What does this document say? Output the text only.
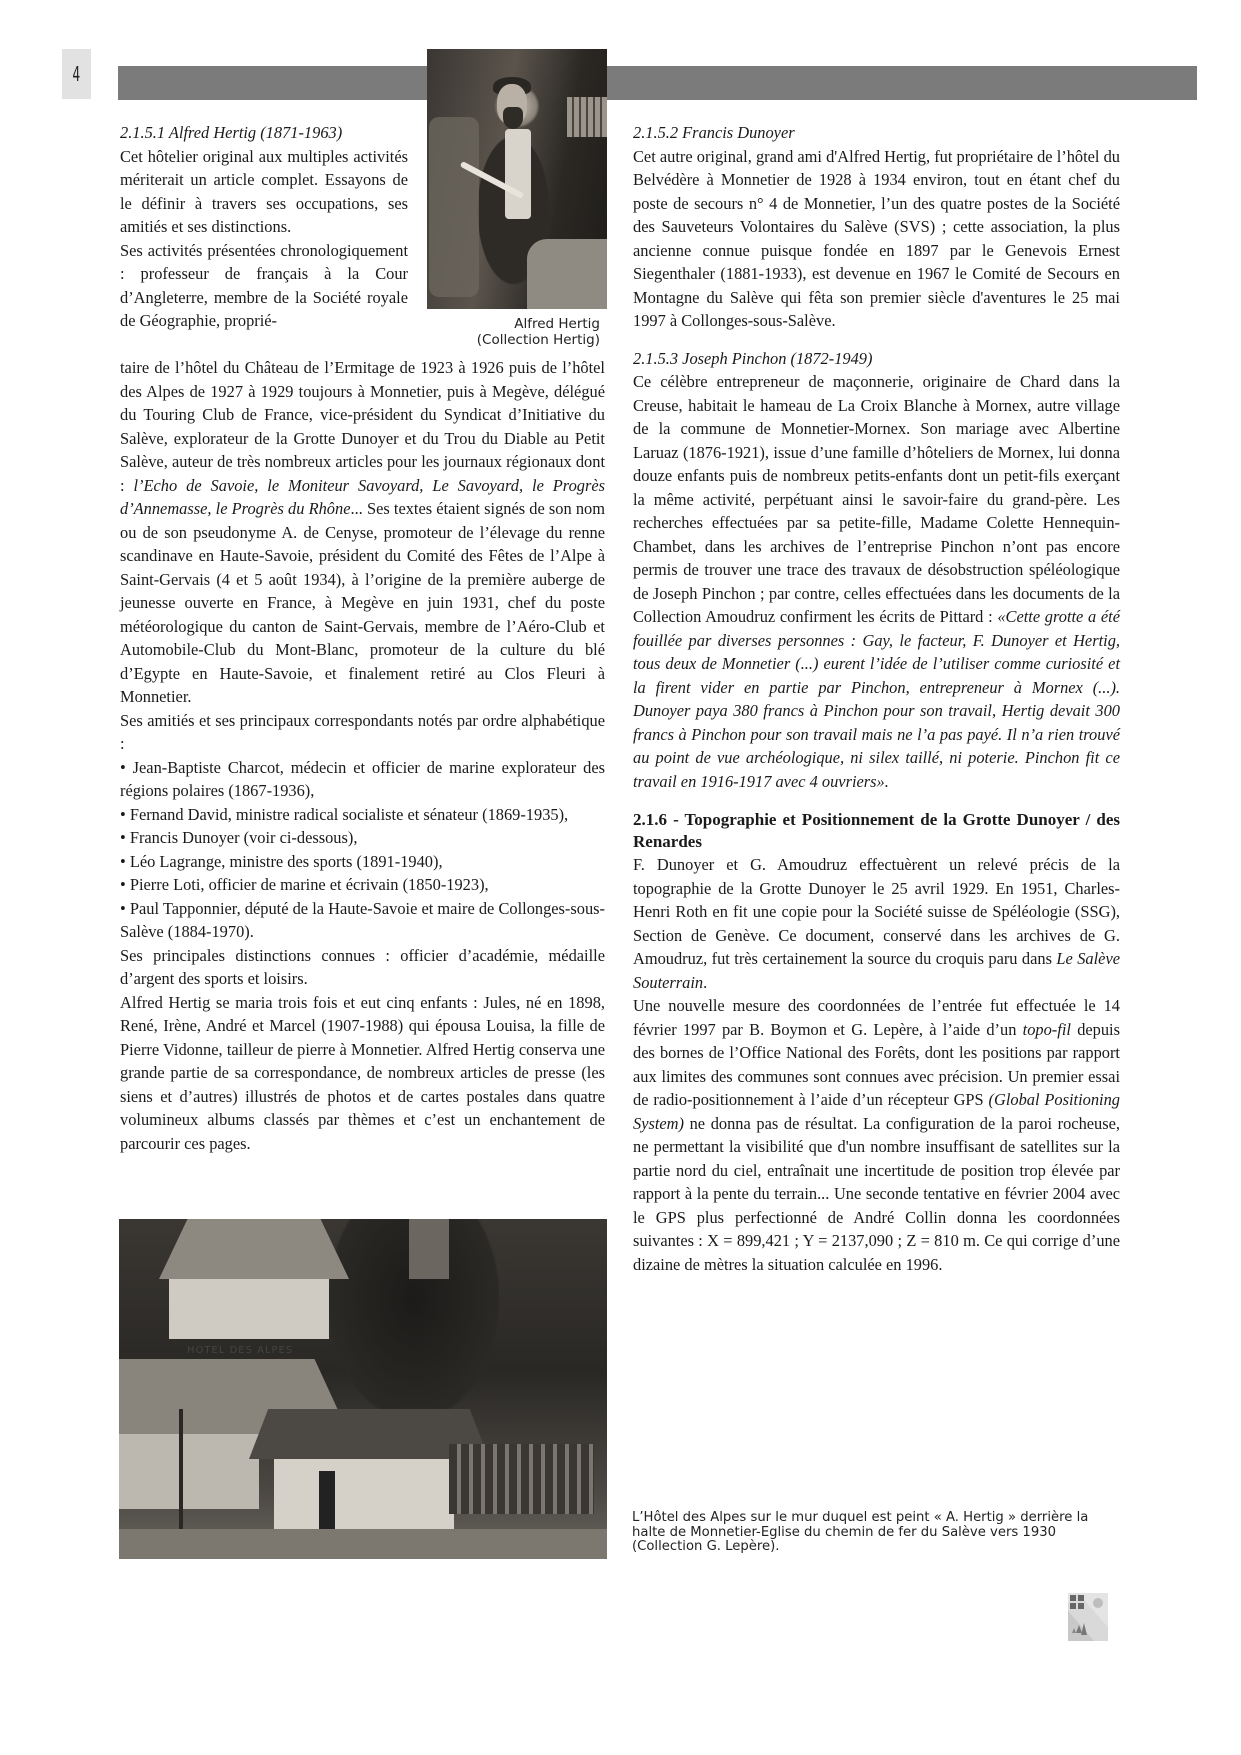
4
Alfred Hertig
(Collection Hertig)

2.1.5.1 Alfred Hertig (1871-1963)

Cet hôtelier original aux multiples activités mériterait un article complet. Essayons de le définir à travers ses occupations, ses amitiés et ses distinctions.

Ses activités présentées chronologiquement : professeur de français à la Cour d’Angleterre, membre de la Société royale de Géographie, proprié-

taire de l’hôtel du Château de l’Ermitage de 1923 à 1926 puis de l’hôtel des Alpes de 1927 à 1929 toujours à Monnetier, puis à Megève, délégué du Touring Club de France, vice-président du Syndicat d’Initiative du Salève, explorateur de la Grotte Dunoyer et du Trou du Diable au Petit Salève, auteur de très nombreux articles pour les journaux régionaux dont : l’Echo de Savoie, le Moniteur Savoyard, Le Savoyard, le Progrès d’Annemasse, le Progrès du Rhône... Ses textes étaient signés de son nom ou de son pseudonyme A. de Cenyse, promoteur de l’élevage du renne scandinave en Haute-Savoie, président du Comité des Fêtes de l’Alpe à Saint-Gervais (4 et 5 août 1934), à l’origine de la première auberge de jeunesse ouverte en France, à Megève en juin 1931, chef du poste météorologique du canton de Saint-Gervais, membre de l’Aéro-Club et Automobile-Club du Mont-Blanc, promoteur de la culture du blé d’Egypte en Haute-Savoie, et finalement retiré au Clos Fleuri à Monnetier.

Ses amitiés et ses principaux correspondants notés par ordre alphabétique :

• Jean-Baptiste Charcot, médecin et officier de marine explorateur des régions polaires (1867-1936),

• Fernand David, ministre radical socialiste et sénateur (1869-1935),

• Francis Dunoyer (voir ci-dessous),

• Léo Lagrange, ministre des sports (1891-1940),

• Pierre Loti, officier de marine et écrivain (1850-1923),

• Paul Tapponnier, député de la Haute-Savoie et maire de Collonges-sous-Salève (1884-1970).

Ses principales distinctions connues : officier d’académie, médaille d’argent des sports et loisirs.

Alfred Hertig se maria trois fois et eut cinq enfants : Jules, né en 1898, René, Irène, André et Marcel (1907-1988) qui épousa Louisa, la fille de Pierre Vidonne, tailleur de pierre à Monnetier. Alfred Hertig conserva une grande partie de sa correspondance, de nombreux articles de presse (les siens et d’autres) illustrés de photos et de cartes postales dans quatre volumineux albums classés par thèmes et c’est un enchantement de parcourir ces pages.

2.1.5.2 Francis Dunoyer

Cet autre original, grand ami d'Alfred Hertig, fut propriétaire de l’hôtel du Belvédère à Monnetier de 1928 à 1934 environ, tout en étant chef du poste de secours n° 4 de Monnetier, l’un des quatre postes de la Société des Sauveteurs Volontaires du Salève (SVS) ; cette association, la plus ancienne connue puisque fondée en 1897 par le Genevois Ernest Siegenthaler (1881-1933), est devenue en 1967 le Comité de Secours en Montagne du Salève qui fêta son premier siècle d'aventures le 25 mai 1997 à Collonges-sous-Salève.

2.1.5.3 Joseph Pinchon (1872-1949)

Ce célèbre entrepreneur de maçonnerie, originaire de Chard dans la Creuse, habitait le hameau de La Croix Blanche à Mornex, autre village de la commune de Monnetier-Mornex. Son mariage avec Albertine Laruaz (1876-1921), issue d’une famille d’hôteliers de Mornex, lui donna douze enfants puis de nombreux petits-enfants dont un petit-fils exerçant la même activité, perpétuant ainsi le savoir-faire du grand-père. Les recherches effectuées par sa petite-fille, Madame Colette Hennequin-Chambet, dans les archives de l’entreprise Pinchon n’ont pas encore permis de trouver une trace des travaux de désobstruction spéléologique de Joseph Pinchon ; par contre, celles effectuées dans les documents de la Collection Amoudruz confirment les écrits de Pittard : «Cette grotte a été fouillée par diverses personnes : Gay, le facteur, F. Dunoyer et Hertig, tous deux de Monnetier (...) eurent l’idée de l’utiliser comme curiosité et la firent vider en partie par Pinchon, entrepreneur à Mornex (...). Dunoyer paya 380 francs à Pinchon pour son travail, Hertig devait 300 francs à Pinchon pour son travail mais ne l’a pas payé. Il n’a rien trouvé au point de vue archéologique, ni silex taillé, ni poterie. Pinchon fit ce travail en 1916-1917 avec 4 ouvriers».

2.1.6 - Topographie et Positionnement de la Grotte Dunoyer / des Renardes

F. Dunoyer et G. Amoudruz effectuèrent un relevé précis de la topographie de la Grotte Dunoyer le 25 avril 1929. En 1951, Charles-Henri Roth en fit une copie pour la Société suisse de Spéléologie (SSG), Section de Genève. Ce document, conservé dans les archives de G. Amoudruz, fut très certainement la source du croquis paru dans Le Salève Souterrain.

Une nouvelle mesure des coordonnées de l’entrée fut effectuée le 14 février 1997 par B. Boymon et G. Lepère, à l’aide d’un topo-fil depuis des bornes de l’Office National des Forêts, dont les positions par rapport aux limites des communes sont connues avec précision. Un premier essai de radio-positionnement à l’aide d’un récepteur GPS (Global Positioning System) ne donna pas de résultat. La configuration de la paroi rocheuse, ne permettant la visibilité que d'un nombre insuffisant de satellites sur la partie nord du ciel, entraînait une incertitude de position trop élevée par rapport à la pente du terrain... Une seconde tentative en février 2004 avec le GPS plus perfectionné de André Collin donna les coordonnées suivantes : X = 899,421 ; Y = 2137,090 ; Z = 810 m. Ce qui corrige d’une dizaine de mètres la situation calculée en 1996.

HOTEL DES ALPES
L’Hôtel des Alpes sur le mur duquel est peint « A. Hertig » derrière la halte de Monnetier-Eglise du chemin de fer du Salève vers 1930 (Collection G. Lepère).
